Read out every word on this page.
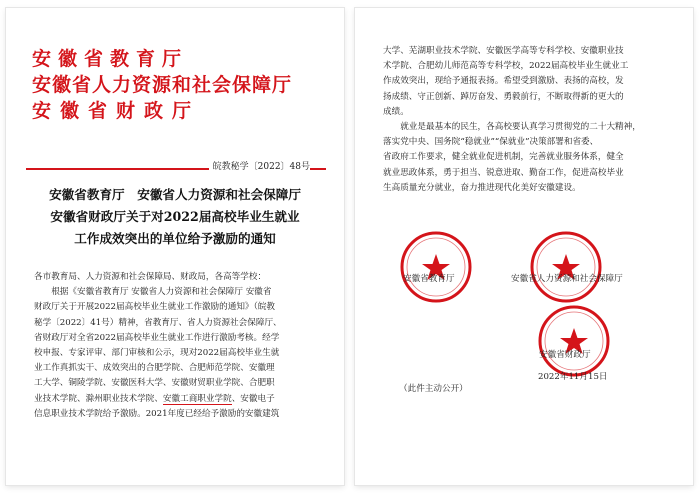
安徽省教育厅
安徽省人力资源和社会保障厅
安徽省财政厅
皖教秘学〔2022〕48号
安徽省教育厅　安徽省人力资源和社会保障厅
安徽省财政厅关于对2022届高校毕业生就业
工作成效突出的单位给予激励的通知

各市教育局、人力资源和社会保障局、财政局，各高等学校：

　　根据《安徽省教育厅 安徽省人力资源和社会保障厅 安徽省

财政厅关于开展2022届高校毕业生就业工作激励的通知》（皖教

秘学〔2022〕41号）精神，省教育厅、省人力资源社会保障厅、

省财政厅对全省2022届高校毕业生就业工作进行激励考核。经学

校申报、专家评审、部门审核和公示，现对2022届高校毕业生就

业工作真抓实干、成效突出的合肥学院、合肥师范学院、安徽理

工大学、铜陵学院、安徽医科大学、安徽财贸职业学院、合肥职

业技术学院、滁州职业技术学院、安徽工商职业学院、安徽电子

信息职业技术学院给予激励。2021年度已经给予激励的安徽建筑

大学、芜湖职业技术学院、安徽医学高等专科学校、安徽职业技

术学院、合肥幼儿师范高等专科学校，2022届高校毕业生就业工

作成效突出，现给予通报表扬。希望受到激励、表扬的高校，发

扬成绩、守正创新、踔厉奋发、勇毅前行，不断取得新的更大的

成绩。

　　就业是最基本的民生，各高校要认真学习贯彻党的二十大精神，

落实党中央、国务院“稳就业”“保就业”决策部署和省委、

省政府工作要求，健全就业促进机制，完善就业服务体系，健全

就业思政体系，勇于担当、锐意进取、勤奋工作，促进高校毕业

生高质量充分就业，奋力推进现代化美好安徽建设。

安徽省教育厅	安徽省人力资源和社会保障厅
安徽省财政厅
2022年11月15日
（此件主动公开）
